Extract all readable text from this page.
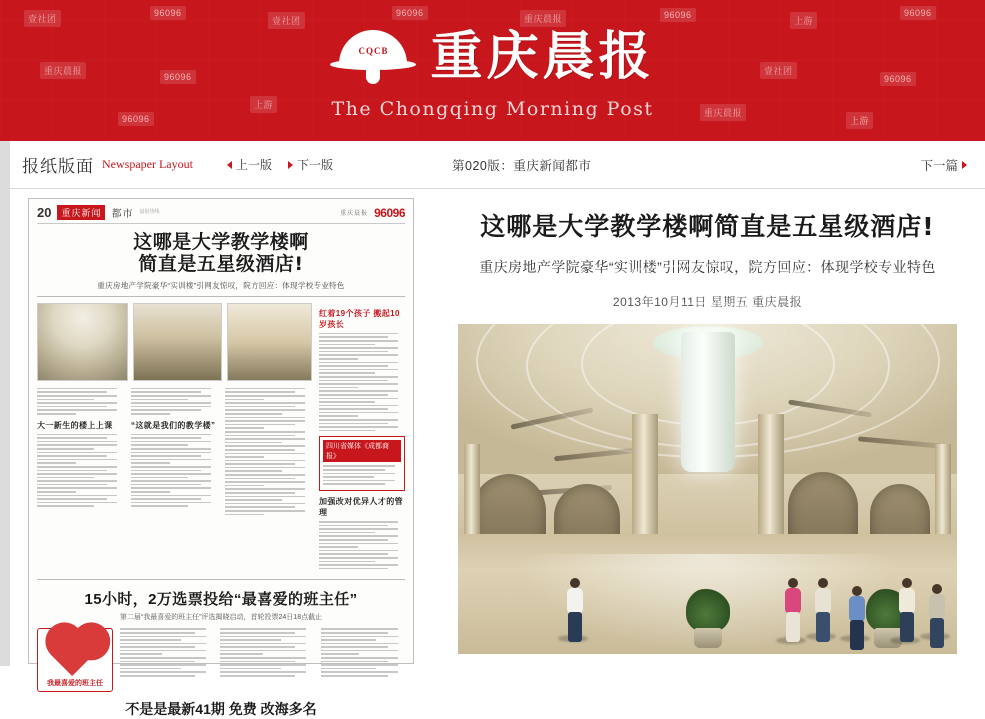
壹社团
96096
壹社团
96096
重庆晨报	96096
上游
96096
重庆晨报
96096
上游
96096
壹社团
96096
重庆晨报
上游
CQCB 重庆晨报
The Chongqing Morning Post
报纸版面 Newspaper Layout	上一版 下一版
20	重庆新闻	都市 晨报热线	重庆晨报 96096
这哪是大学教学楼啊
简直是五星级酒店!
重庆房地产学院豪华“实训楼”引网友惊叹，院方回应：体现学校专业特色
大一新生的楼上上课	“这就是我们的教学楼”
红着19个孩子 搬起10岁孩长
四川省媒体《成都商报》
加强改对优异人才的管理
15小时，2万选票投给“最喜爱的班主任”
第二届“我最喜爱的班主任”评选揭晓启动，首轮投票24日18点截止
我最喜爱的班主任
不是是最新41期 免费 改海多名
第020版：重庆新闻都市	下一篇
这哪是大学教学楼啊简直是五星级酒店!
重庆房地产学院豪华“实训楼”引网友惊叹，院方回应：体现学校专业特色
2013年10月11日 星期五 重庆晨报
